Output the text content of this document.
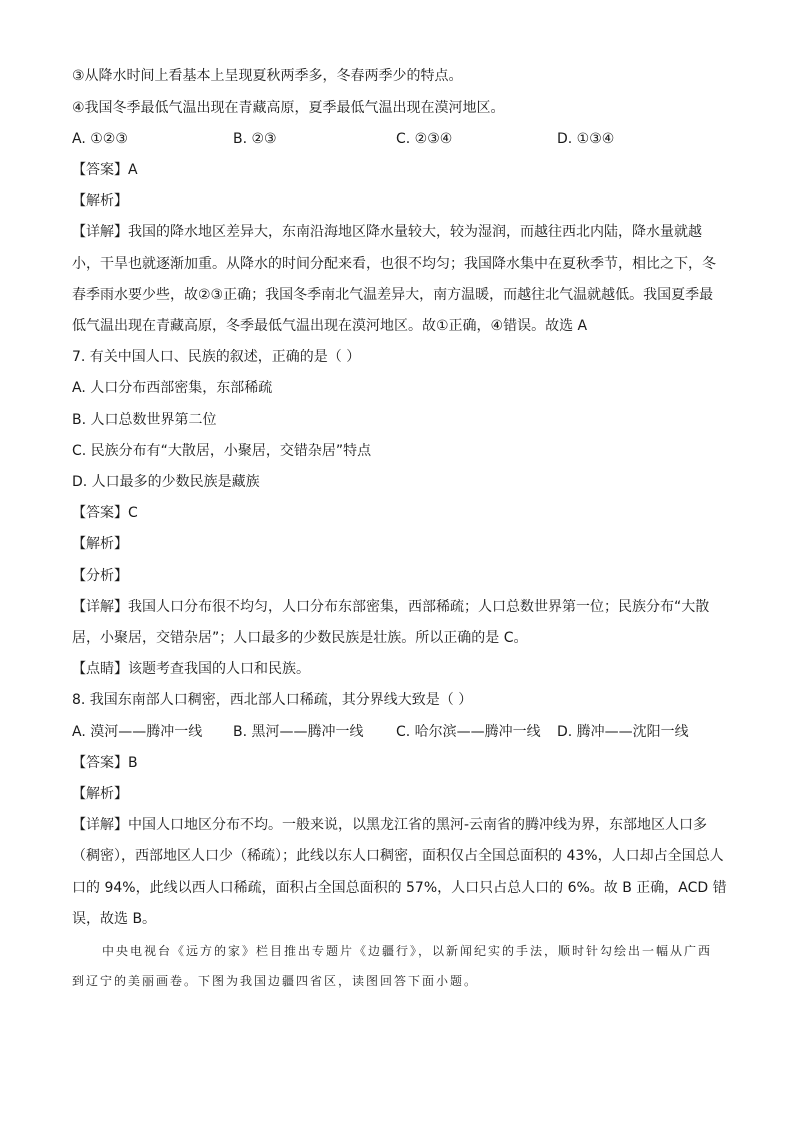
③从降水时间上看基本上呈现夏秋两季多，冬春两季少的特点。
④我国冬季最低气温出现在青藏高原，夏季最低气温出现在漠河地区。
A. ①②③	B. ②③	C. ②③④	D. ①③④
【答案】A
【解析】
【详解】我国的降水地区差异大，东南沿海地区降水量较大，较为湿润，而越往西北内陆，降水量就越
小，干旱也就逐渐加重。从降水的时间分配来看，也很不均匀；我国降水集中在夏秋季节，相比之下，冬
春季雨水要少些，故②③正确；我国冬季南北气温差异大，南方温暖，而越往北气温就越低。我国夏季最
低气温出现在青藏高原，冬季最低气温出现在漠河地区。故①正确，④错误。故选 A
7. 有关中国人口、民族的叙述，正确的是（ ）
A. 人口分布西部密集，东部稀疏
B. 人口总数世界第二位
C. 民族分布有“大散居，小聚居，交错杂居”特点
D. 人口最多的少数民族是藏族
【答案】C
【解析】
【分析】
【详解】我国人口分布很不均匀，人口分布东部密集，西部稀疏；人口总数世界第一位；民族分布“大散
居，小聚居，交错杂居”；人口最多的少数民族是壮族。所以正确的是 C。
【点睛】该题考查我国的人口和民族。
8. 我国东南部人口稠密，西北部人口稀疏，其分界线大致是（ ）
A. 漠河——腾冲一线 B. 黑河——腾冲一线 C. 哈尔滨——腾冲一线 D. 腾冲——沈阳一线
【答案】B
【解析】
【详解】中国人口地区分布不均。一般来说，以黑龙江省的黑河-云南省的腾冲线为界，东部地区人口多
（稠密），西部地区人口少（稀疏）；此线以东人口稠密，面积仅占全国总面积的 43%，人口却占全国总人
口的 94%，此线以西人口稀疏，面积占全国总面积的 57%，人口只占总人口的 6%。故 B 正确，ACD 错
误，故选 B。
中央电视台《远方的家》栏目推出专题片《边疆行》，以新闻纪实的手法，顺时针勾绘出一幅从广西
到辽宁的美丽画卷。下图为我国边疆四省区，读图回答下面小题。
